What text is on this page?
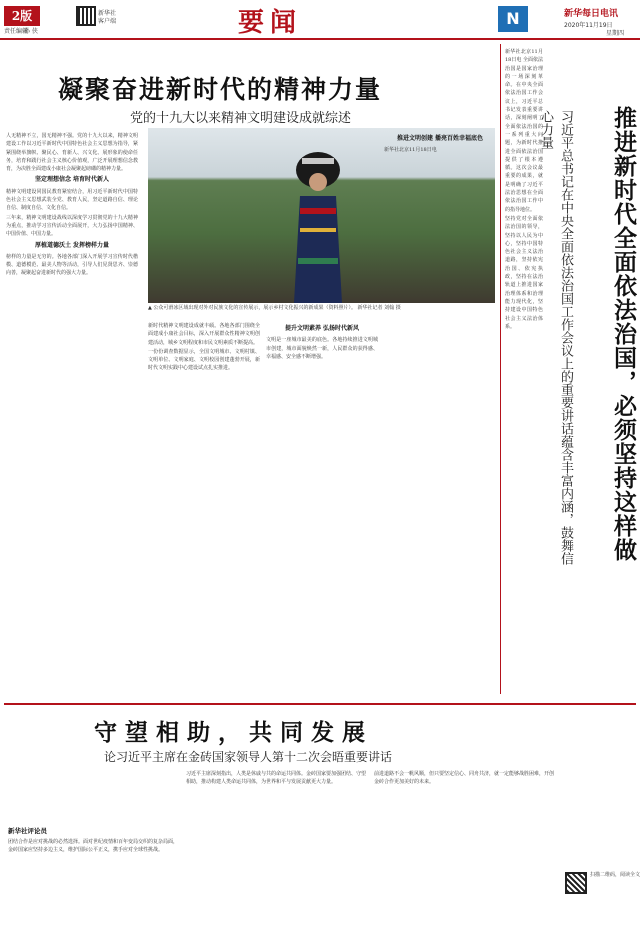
2版
责任编辑
孙 侠
新华社
客户端	要闻	N	新华每日电讯
2020年11月19日
星期四
凝聚奋进新时代的精神力量
党的十九大以来精神文明建设成就综述
▲ 公众可滑冰区域出现对外对民族文化的宣传展示，展示乡村文化振兴的新成果（资料照片）。 新华社记者 刘翰 摄

人无精神不立，国无精神不强。党的十九大以来，精神文明建设工作以习近平新时代中国特色社会主义思想为指导，紧紧围绕举旗帜、聚民心、育新人、兴文化、展形象的使命任务，培育和践行社会主义核心价值观，广泛开展理想信念教育，为决胜全面建成小康社会凝聚起磅礴的精神力量。

坚定理想信念 培育时代新人

精神文明建设同国民教育紧密结合，用习近平新时代中国特色社会主义思想武装全党、教育人民，坚定道路自信、理论自信、制度自信、文化自信。

三年来，精神文明建设战线以深度学习贯彻党的十九大精神为重点，推动学习宣传活动全面展开，大力弘扬中国精神、中国价值、中国力量。

厚植道德沃土 发挥榜样力量

榜样的力量是无穷的。各地各部门深入开展学习宣传时代楷模、道德模范、最美人物等活动，引导人们见贤思齐、崇德向善，凝聚起奋进新时代的强大力量。

新时代精神文明建设成就丰硕。各地各部门围绕全面建成小康社会目标，深入开展群众性精神文明创建活动，城乡文明程度和市民文明素质不断提高。

一份份调查数据显示，全国文明城市、文明村镇、文明单位、文明家庭、文明校园创建蓬勃开展，新时代文明实践中心建设试点扎实推进。

提升文明素养 弘扬时代新风

文明是一座城市最美的底色。各地持续推进文明城市创建，城市面貌焕然一新，人民群众的获得感、幸福感、安全感不断增强。

推进文明创建 播亮百姓幸福底色

新华社北京11月18日电

新华社北京11月18日电 全面依法治国是国家治理的一场深刻革命。在中央全面依法治国工作会议上，习近平总书记发表重要讲话，深刻阐明了全面依法治国的一系列重大问题，为新时代推进全面依法治国提供了根本遵循。这次会议最重要的成果，就是明确了习近平法治思想在全面依法治国工作中的指导地位。

坚持党对全面依法治国的领导，坚持以人民为中心，坚持中国特色社会主义法治道路，坚持依宪治国、依宪执政，坚持在法治轨道上推进国家治理体系和治理能力现代化，坚持建设中国特色社会主义法治体系。	习近平总书记在中央全面依法治国工作会议上的重要讲话蕴含丰富内涵，鼓舞信心力量	推进新时代全面依法治国，必须坚持这样做
守望相助，共同发展
论习近平主席在金砖国家领导人第十二次会晤重要讲话
新华社评论员

团结合作是应对挑战的必然选择。面对世纪疫情和百年变局交织的复杂局面，金砖国家应坚持多边主义，维护国际公平正义，携手应对全球性挑战。

习近平主席深刻指出，人类是休戚与共的命运共同体。金砖国家要加强团结、守望相助，推动构建人类命运共同体，为世界和平与发展贡献更大力量。

前进道路不会一帆风顺，但只要坚定信心、同舟共济，就一定能够战胜困难，开创金砖合作更加美好的未来。

扫描二维码，阅读全文
